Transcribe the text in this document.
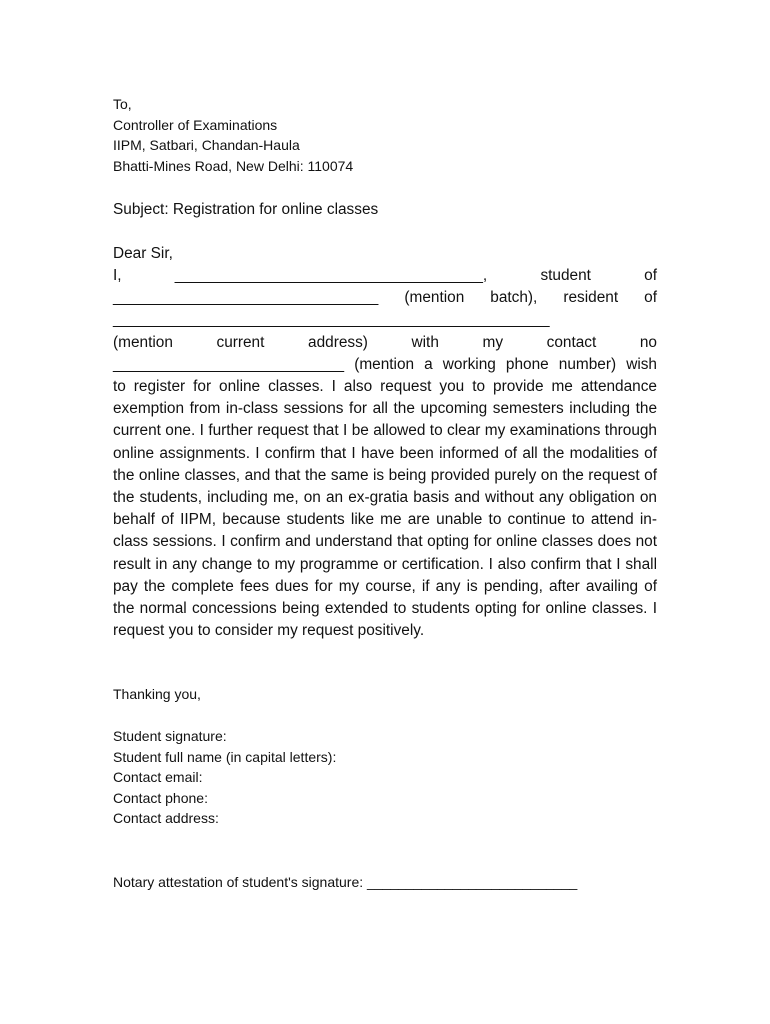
To,
Controller of Examinations
IIPM, Satbari, Chandan-Haula
Bhatti-Mines Road, New Delhi: 110074
Subject: Registration for online classes
Dear Sir,
I, ____________________________________, student of
_______________________________ (mention batch), resident of
___________________________________________________
(mention current address) with my contact no
___________________________ (mention a working phone number) wish
to register for online classes. I also request you to provide me attendance exemption from in-class sessions for all the upcoming semesters including the current one. I further request that I be allowed to clear my examinations through online assignments. I confirm that I have been informed of all the modalities of the online classes, and that the same is being provided purely on the request of the students, including me, on an ex-gratia basis and without any obligation on behalf of IIPM, because students like me are unable to continue to attend in-class sessions. I confirm and understand that opting for online classes does not result in any change to my programme or certification. I also confirm that I shall pay the complete fees dues for my course, if any is pending, after availing of the normal concessions being extended to students opting for online classes. I request you to consider my request positively.
Thanking you,
Student signature:
Student full name (in capital letters):
Contact email:
Contact phone:
Contact address:
Notary attestation of student's signature: ___________________________
